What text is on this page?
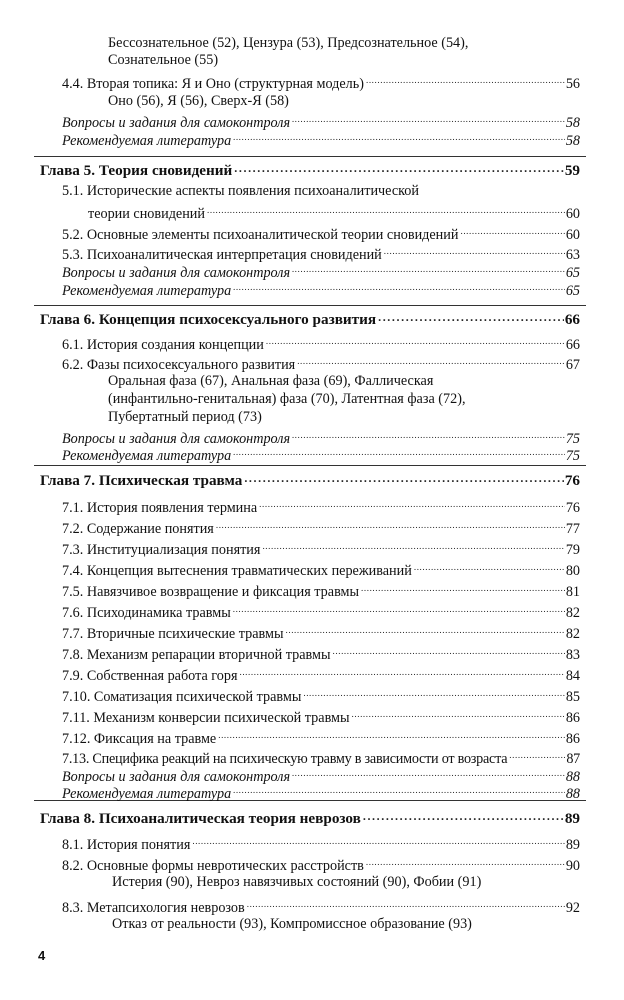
Бессознательное (52), Цензура (53), Предсознательное (54),
Сознательное (55)
4.4. Вторая топика: Я и Оно (структурная модель) .....	56
Оно (56), Я (56), Сверх-Я (58)
Вопросы и задания для самоконтроля .....	58
Рекомендуемая литература .....	58
Глава 5. Теория сновидений .....	59
5.1. Исторические аспекты появления психоаналитической
теории сновидений .....	60
5.2. Основные элементы психоаналитической теории сновидений .....	60
5.3. Психоаналитическая интерпретация сновидений .....	63
Вопросы и задания для самоконтроля .....	65
Рекомендуемая литература .....	65
Глава 6. Концепция психосексуального развития .....	66
6.1. История создания концепции .....	66
6.2. Фазы психосексуального развития .....	67
Оральная фаза (67), Анальная фаза (69), Фаллическая
(инфантильно-генитальная) фаза (70), Латентная фаза (72),
Пубертатный период (73)
Вопросы и задания для самоконтроля .....	75
Рекомендуемая литература .....	75
Глава 7. Психическая травма .....	76
7.1. История появления термина .....	76
7.2. Содержание понятия .....	77
7.3. Институциализация понятия .....	79
7.4. Концепция вытеснения травматических переживаний .....	80
7.5. Навязчивое возвращение и фиксация травмы .....	81
7.6. Психодинамика травмы .....	82
7.7. Вторичные психические травмы .....	82
7.8. Механизм репарации вторичной травмы .....	83
7.9. Собственная работа горя .....	84
7.10. Соматизация психической травмы .....	85
7.11. Механизм конверсии психической травмы .....	86
7.12. Фиксация на травме .....	86
7.13. Специфика реакций на психическую травму в зависимости от возраста .....	87
Вопросы и задания для самоконтроля .....	88
Рекомендуемая литература .....	88
Глава 8. Психоаналитическая теория неврозов .....	89
8.1. История понятия .....	89
8.2. Основные формы невротических расстройств .....	90
Истерия (90), Невроз навязчивых состояний (90), Фобии (91)
8.3. Метапсихология неврозов .....	92
Отказ от реальности (93), Компромиссное образование (93)
4
